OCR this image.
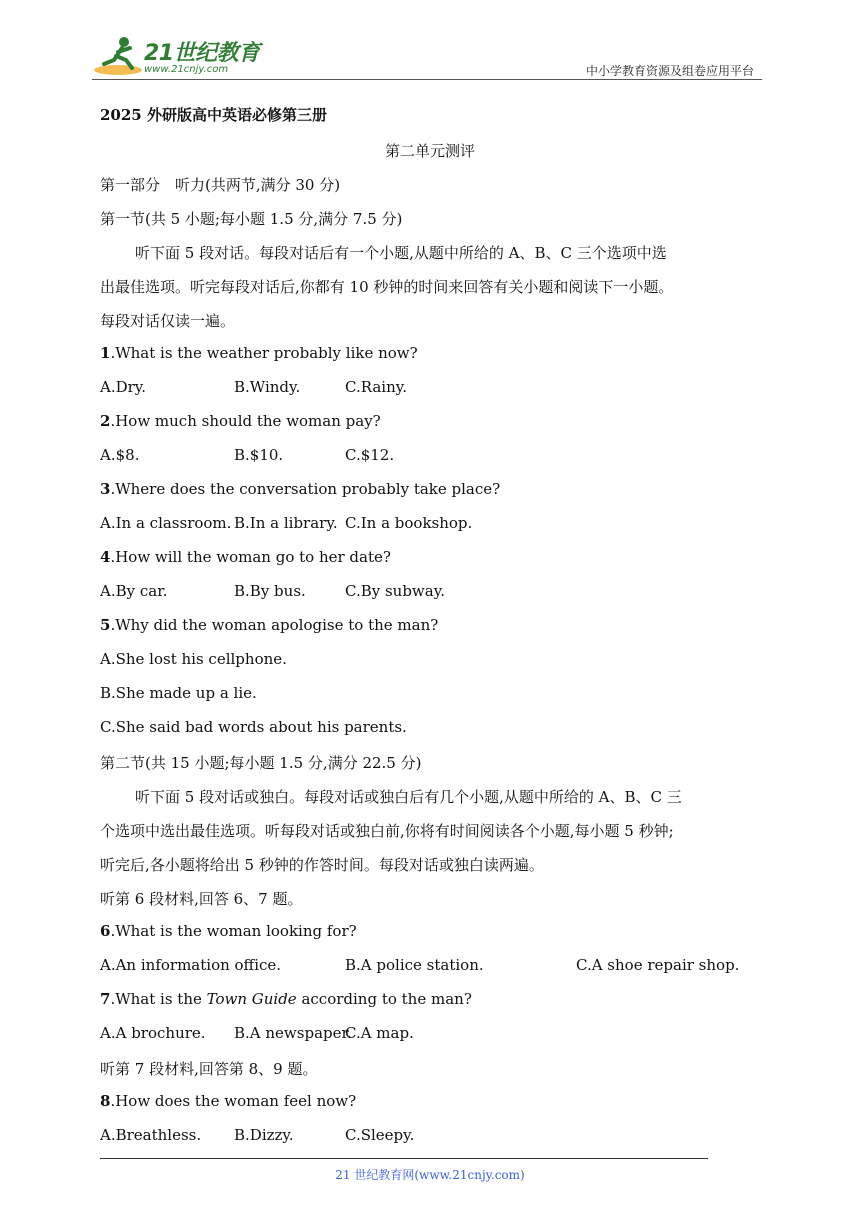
21世纪教育
www.21cnjy.com	中小学教育资源及组卷应用平台
2025 外研版高中英语必修第三册
第二单元测评
第一部分　听力(共两节,满分 30 分)
第一节(共 5 小题;每小题 1.5 分,满分 7.5 分)
听下面 5 段对话。每段对话后有一个小题,从题中所给的 A、B、C 三个选项中选
出最佳选项。听完每段对话后,你都有 10 秒钟的时间来回答有关小题和阅读下一小题。
每段对话仅读一遍。
1.What is the weather probably like now?
A.Dry.	B.Windy.	C.Rainy.
2.How much should the woman pay?
A.$8.	B.$10.	C.$12.
3.Where does the conversation probably take place?
A.In a classroom. B.In a library. C.In a bookshop.
4.How will the woman go to her date?
A.By car.	B.By bus.	C.By subway.
5.Why did the woman apologise to the man?
A.She lost his cellphone.
B.She made up a lie.
C.She said bad words about his parents.
第二节(共 15 小题;每小题 1.5 分,满分 22.5 分)
听下面 5 段对话或独白。每段对话或独白后有几个小题,从题中所给的 A、B、C 三
个选项中选出最佳选项。听每段对话或独白前,你将有时间阅读各个小题,每小题 5 秒钟;
听完后,各小题将给出 5 秒钟的作答时间。每段对话或独白读两遍。
听第 6 段材料,回答 6、7 题。
6.What is the woman looking for?
A.An information office.	B.A police station.	C.A shoe repair shop.
7.What is the Town Guide according to the man?
A.A brochure. B.A newspaper.
C.A map.
听第 7 段材料,回答第 8、9 题。
8.How does the woman feel now?
A.Breathless. B.Dizzy.	C.Sleepy.
21 世纪教育网(www.21cnjy.com)
